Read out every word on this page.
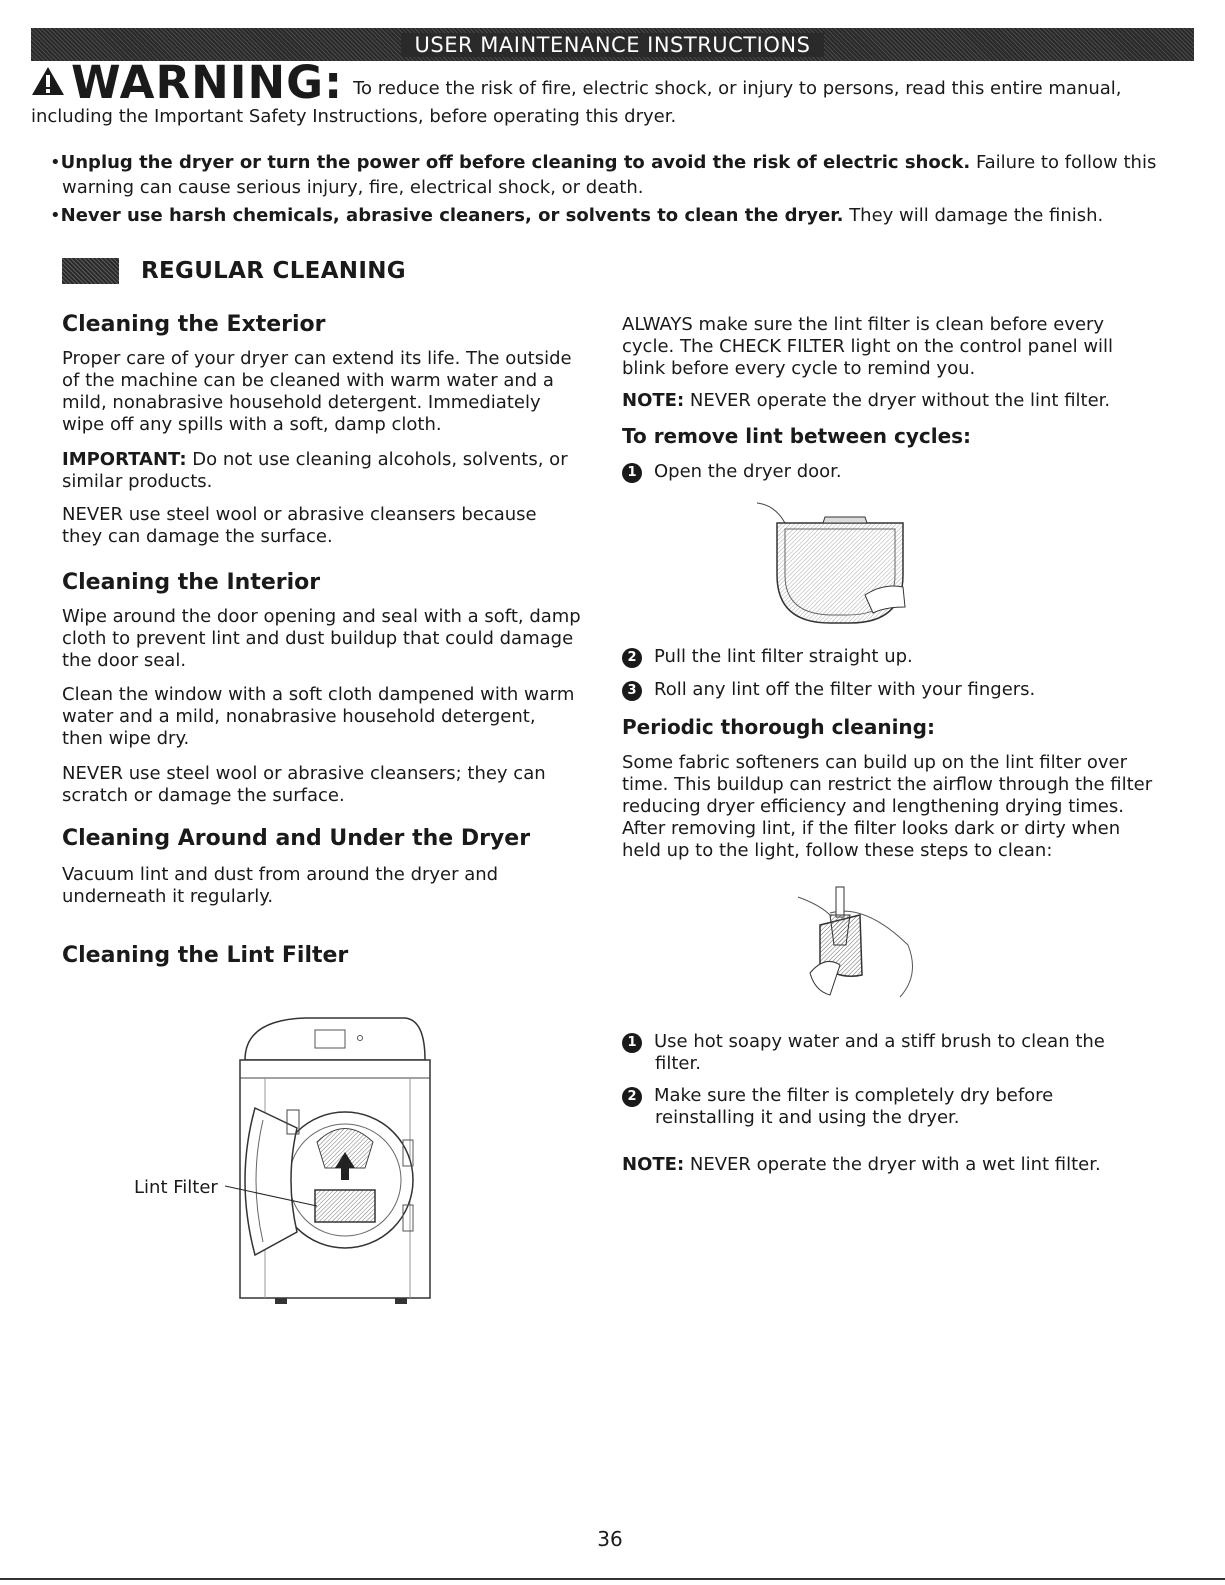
USER MAINTENANCE INSTRUCTIONS
WARNING: To reduce the risk of fire, electric shock, or injury to persons, read this entire manual,
including the Important Safety Instructions, before operating this dryer.
•Unplug the dryer or turn the power off before cleaning to avoid the risk of electric shock. Failure to follow this warning can cause serious injury, fire, electrical shock, or death.
•Never use harsh chemicals, abrasive cleaners, or solvents to clean the dryer. They will damage the finish.
REGULAR CLEANING
Cleaning the Exterior
Proper care of your dryer can extend its life. The outside of the machine can be cleaned with warm water and a mild, nonabrasive household detergent. Immediately wipe off any spills with a soft, damp cloth.
IMPORTANT: Do not use cleaning alcohols, solvents, or similar products.
NEVER use steel wool or abrasive cleansers because they can damage the surface.
Cleaning the Interior
Wipe around the door opening and seal with a soft, damp cloth to prevent lint and dust buildup that could damage the door seal.
Clean the window with a soft cloth dampened with warm water and a mild, nonabrasive household detergent, then wipe dry.
NEVER use steel wool or abrasive cleansers; they can scratch or damage the surface.
Cleaning Around and Under the Dryer
Vacuum lint and dust from around the dryer and underneath it regularly.
Cleaning the Lint Filter
Lint Filter
ALWAYS make sure the lint filter is clean before every cycle. The CHECK FILTER light on the control panel will blink before every cycle to remind you.
NOTE: NEVER operate the dryer without the lint filter.
To remove lint between cycles:
1 Open the dryer door.
2 Pull the lint filter straight up.
3 Roll any lint off the filter with your fingers.
Periodic thorough cleaning:
Some fabric softeners can build up on the lint filter over time. This buildup can restrict the airflow through the filter reducing dryer efficiency and lengthening drying times. After removing lint, if the filter looks dark or dirty when held up to the light, follow these steps to clean:
1 Use hot soapy water and a stiff brush to clean the filter.
2 Make sure the filter is completely dry before reinstalling it and using the dryer.
NOTE: NEVER operate the dryer with a wet lint filter.
36
